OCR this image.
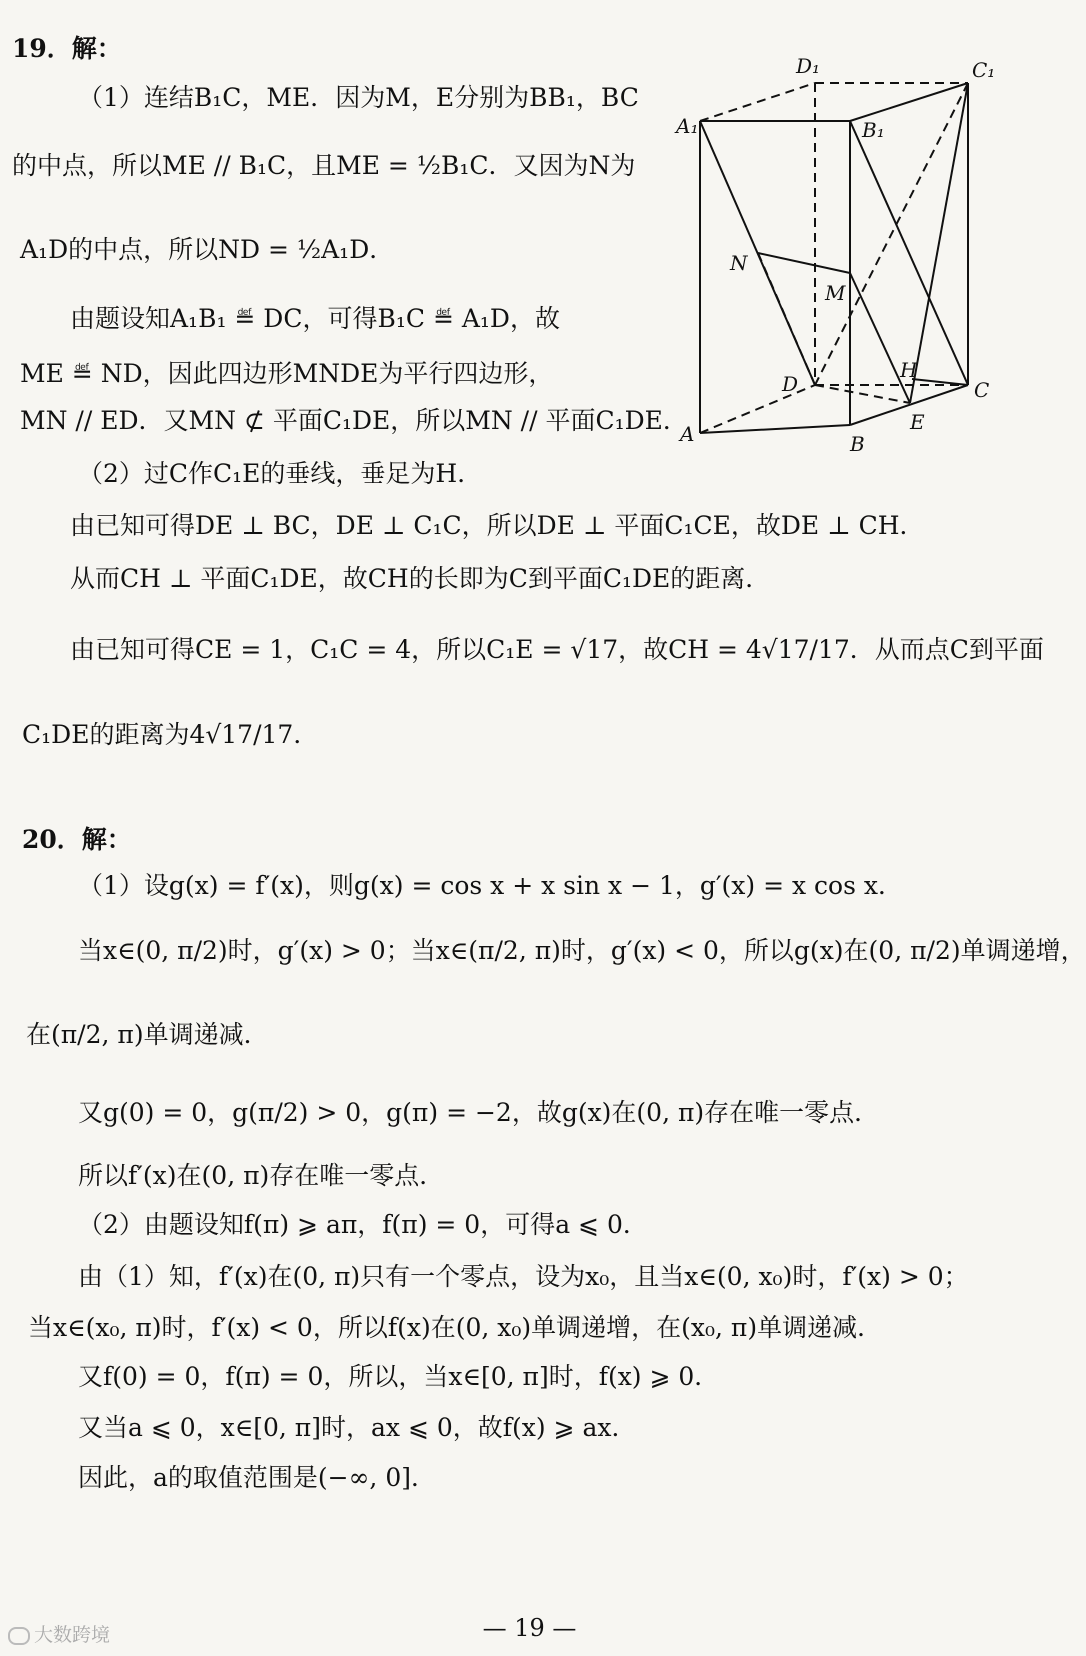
19．解：
（1）连结B₁C，ME．因为M，E分别为BB₁，BC
的中点，所以ME // B₁C，且ME = ½B₁C．又因为N为
A₁D的中点，所以ND = ½A₁D．
由题设知A₁B₁ ≝ DC，可得B₁C ≝ A₁D，故
ME ≝ ND，因此四边形MNDE为平行四边形，
MN // ED．又MN ⊄ 平面C₁DE，所以MN // 平面C₁DE．
（2）过C作C₁E的垂线，垂足为H．
由已知可得DE ⊥ BC，DE ⊥ C₁C，所以DE ⊥ 平面C₁CE，故DE ⊥ CH．
从而CH ⊥ 平面C₁DE，故CH的长即为C到平面C₁DE的距离．
由已知可得CE = 1，C₁C = 4，所以C₁E = √17，故CH = 4√17/17．从而点C到平面
C₁DE的距离为4√17/17．
D₁	C₁
A₁	B₁
N
M
D
H
C
E
A	B
20．解：
（1）设g(x) = f′(x)，则g(x) = cos x + x sin x − 1，g′(x) = x cos x．
当x∈(0, π/2)时，g′(x) > 0；当x∈(π/2, π)时，g′(x) < 0，所以g(x)在(0, π/2)单调递增，
在(π/2, π)单调递减．
又g(0) = 0，g(π/2) > 0，g(π) = −2，故g(x)在(0, π)存在唯一零点．
所以f′(x)在(0, π)存在唯一零点．
（2）由题设知f(π) ⩾ aπ，f(π) = 0，可得a ⩽ 0．
由（1）知，f′(x)在(0, π)只有一个零点，设为x₀，且当x∈(0, x₀)时，f′(x) > 0；
当x∈(x₀, π)时，f′(x) < 0，所以f(x)在(0, x₀)单调递增，在(x₀, π)单调递减．
又f(0) = 0，f(π) = 0，所以，当x∈[0, π]时，f(x) ⩾ 0．
又当a ⩽ 0，x∈[0, π]时，ax ⩽ 0，故f(x) ⩾ ax．
因此，a的取值范围是(−∞, 0]．
— 19 —
大数跨境
